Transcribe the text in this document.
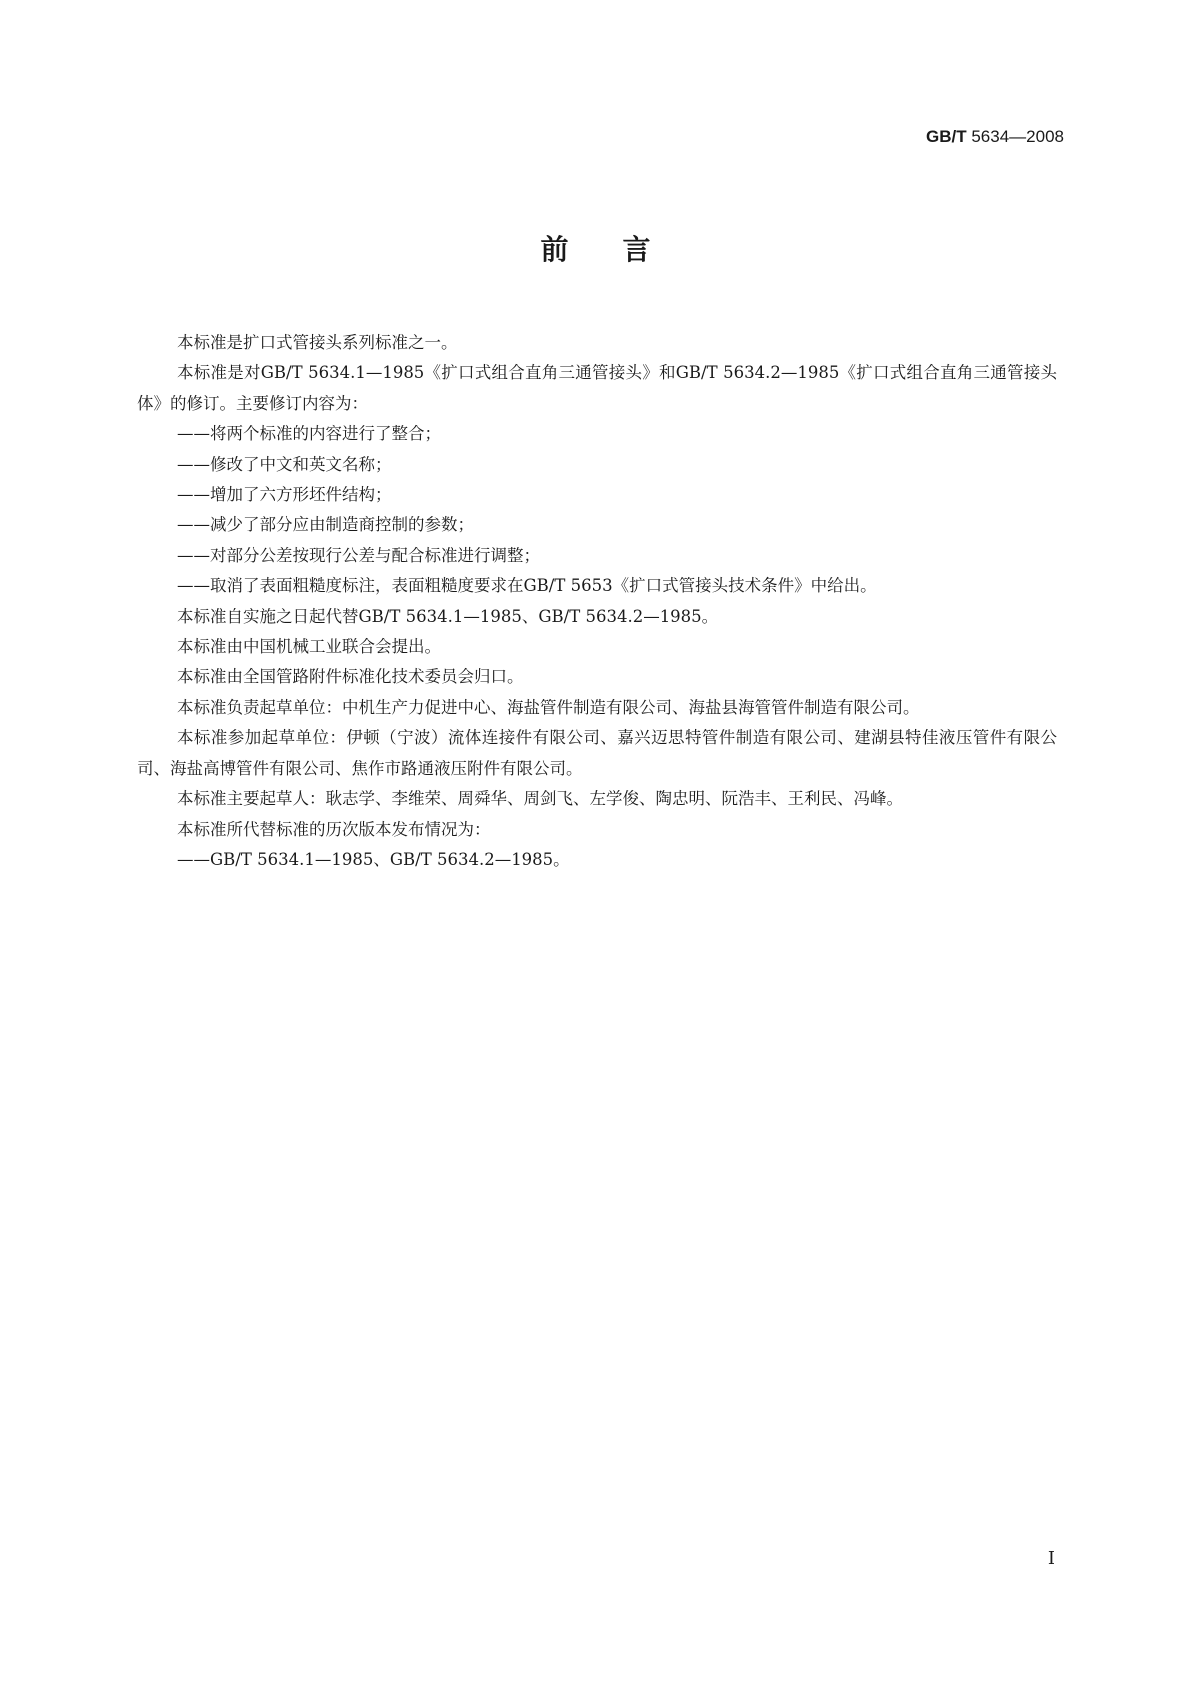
GB/T 5634—2008
前言

本标准是扩口式管接头系列标准之一。

本标准是对GB/T 5634.1—1985《扩口式组合直角三通管接头》和GB/T 5634.2—1985《扩口式组合直角三通管接头体》的修订。主要修订内容为：

——将两个标准的内容进行了整合；

——修改了中文和英文名称；

——增加了六方形坯件结构；

——减少了部分应由制造商控制的参数；

——对部分公差按现行公差与配合标准进行调整；

——取消了表面粗糙度标注，表面粗糙度要求在GB/T 5653《扩口式管接头技术条件》中给出。

本标准自实施之日起代替GB/T 5634.1—1985、GB/T 5634.2—1985。

本标准由中国机械工业联合会提出。

本标准由全国管路附件标准化技术委员会归口。

本标准负责起草单位：中机生产力促进中心、海盐管件制造有限公司、海盐县海管管件制造有限公司。

本标准参加起草单位：伊顿（宁波）流体连接件有限公司、嘉兴迈思特管件制造有限公司、建湖县特佳液压管件有限公司、海盐高博管件有限公司、焦作市路通液压附件有限公司。

本标准主要起草人：耿志学、李维荣、周舜华、周剑飞、左学俊、陶忠明、阮浩丰、王利民、冯峰。

本标准所代替标准的历次版本发布情况为：

——GB/T 5634.1—1985、GB/T 5634.2—1985。

I
